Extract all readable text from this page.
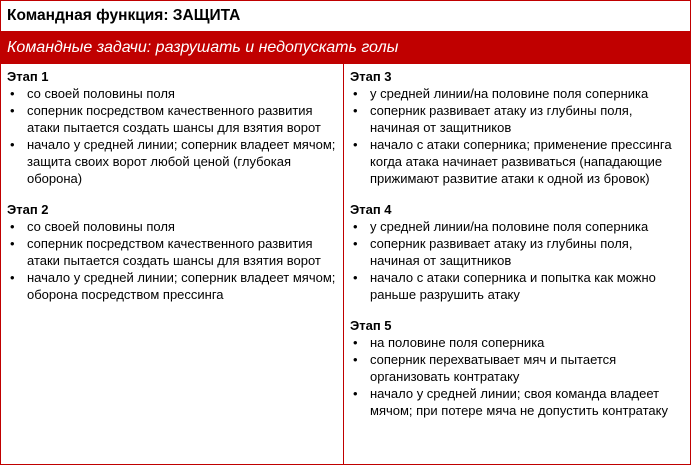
Командная функция: ЗАЩИТА
Командные задачи: разрушать и недопускать голы
Этап 1
• со своей половины поля
• соперник посредством качественного развития атаки пытается создать шансы для взятия ворот
• начало у средней линии; соперник владеет мячом; защита своих ворот любой ценой (глубокая оборона)
Этап 2
• со своей половины поля
• соперник посредством качественного развития атаки пытается создать шансы для взятия ворот
• начало у средней линии; соперник владеет мячом; оборона посредством прессинга
Этап 3
• у средней линии/на половине поля соперника
• соперник развивает атаку из глубины поля, начиная от защитников
• начало с атаки соперника; применение прессинга когда атака начинает развиваться (нападающие прижимают развитие атаки к одной из бровок)
Этап 4
• у средней линии/на половине поля соперника
• соперник развивает атаку из глубины поля, начиная от защитников
• начало с атаки соперника и попытка как можно раньше разрушить атаку
Этап 5
• на половине поля соперника
• соперник перехватывает мяч и пытается организовать контратаку
• начало у средней линии; своя команда владеет мячом; при потере мяча не допустить контратаку
